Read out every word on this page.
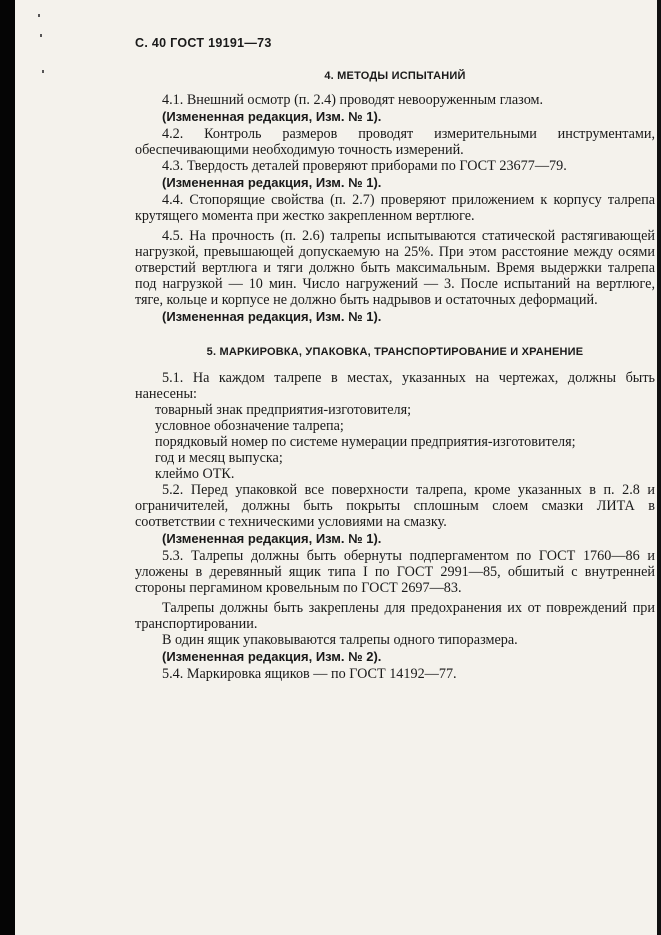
С. 40 ГОСТ 19191—73
4. МЕТОДЫ ИСПЫТАНИЙ

4.1. Внешний осмотр (п. 2.4) проводят невооруженным глазом.

(Измененная редакция, Изм. № 1).

4.2. Контроль размеров проводят измерительными инструментами, обеспечивающими необходимую точность измерений.

4.3. Твердость деталей проверяют приборами по ГОСТ 23677—79.

(Измененная редакция, Изм. № 1).

4.4. Стопорящие свойства (п. 2.7) проверяют приложением к корпусу талрепа крутящего момента при жестко закрепленном вертлюге.

4.5. На прочность (п. 2.6) талрепы испытываются статической растягивающей нагрузкой, превышающей допускаемую на 25%. При этом расстояние между осями отверстий вертлюга и тяги должно быть максимальным. Время выдержки талрепа под нагрузкой — 10 мин. Число нагружений — 3. После испытаний на вертлюге, тяге, кольце и корпусе не должно быть надрывов и остаточных деформаций.

(Измененная редакция, Изм. № 1).

5. МАРКИРОВКА, УПАКОВКА, ТРАНСПОРТИРОВАНИЕ И ХРАНЕНИЕ

5.1. На каждом талрепе в местах, указанных на чертежах, должны быть нанесены:

товарный знак предприятия-изготовителя;

условное обозначение талрепа;

порядковый номер по системе нумерации предприятия-изготовителя;

год и месяц выпуска;

клеймо ОТК.

5.2. Перед упаковкой все поверхности талрепа, кроме указанных в п. 2.8 и ограничителей, должны быть покрыты сплошным слоем смазки ЛИТА в соответствии с техническими условиями на смазку.

(Измененная редакция, Изм. № 1).

5.3. Талрепы должны быть обернуты подпергаментом по ГОСТ 1760—86 и уложены в деревянный ящик типа I по ГОСТ 2991—85, обшитый с внутренней стороны пергамином кровельным по ГОСТ 2697—83.

Талрепы должны быть закреплены для предохранения их от повреждений при транспортировании.

В один ящик упаковываются талрепы одного типоразмера.

(Измененная редакция, Изм. № 2).

5.4. Маркировка ящиков — по ГОСТ 14192—77.
